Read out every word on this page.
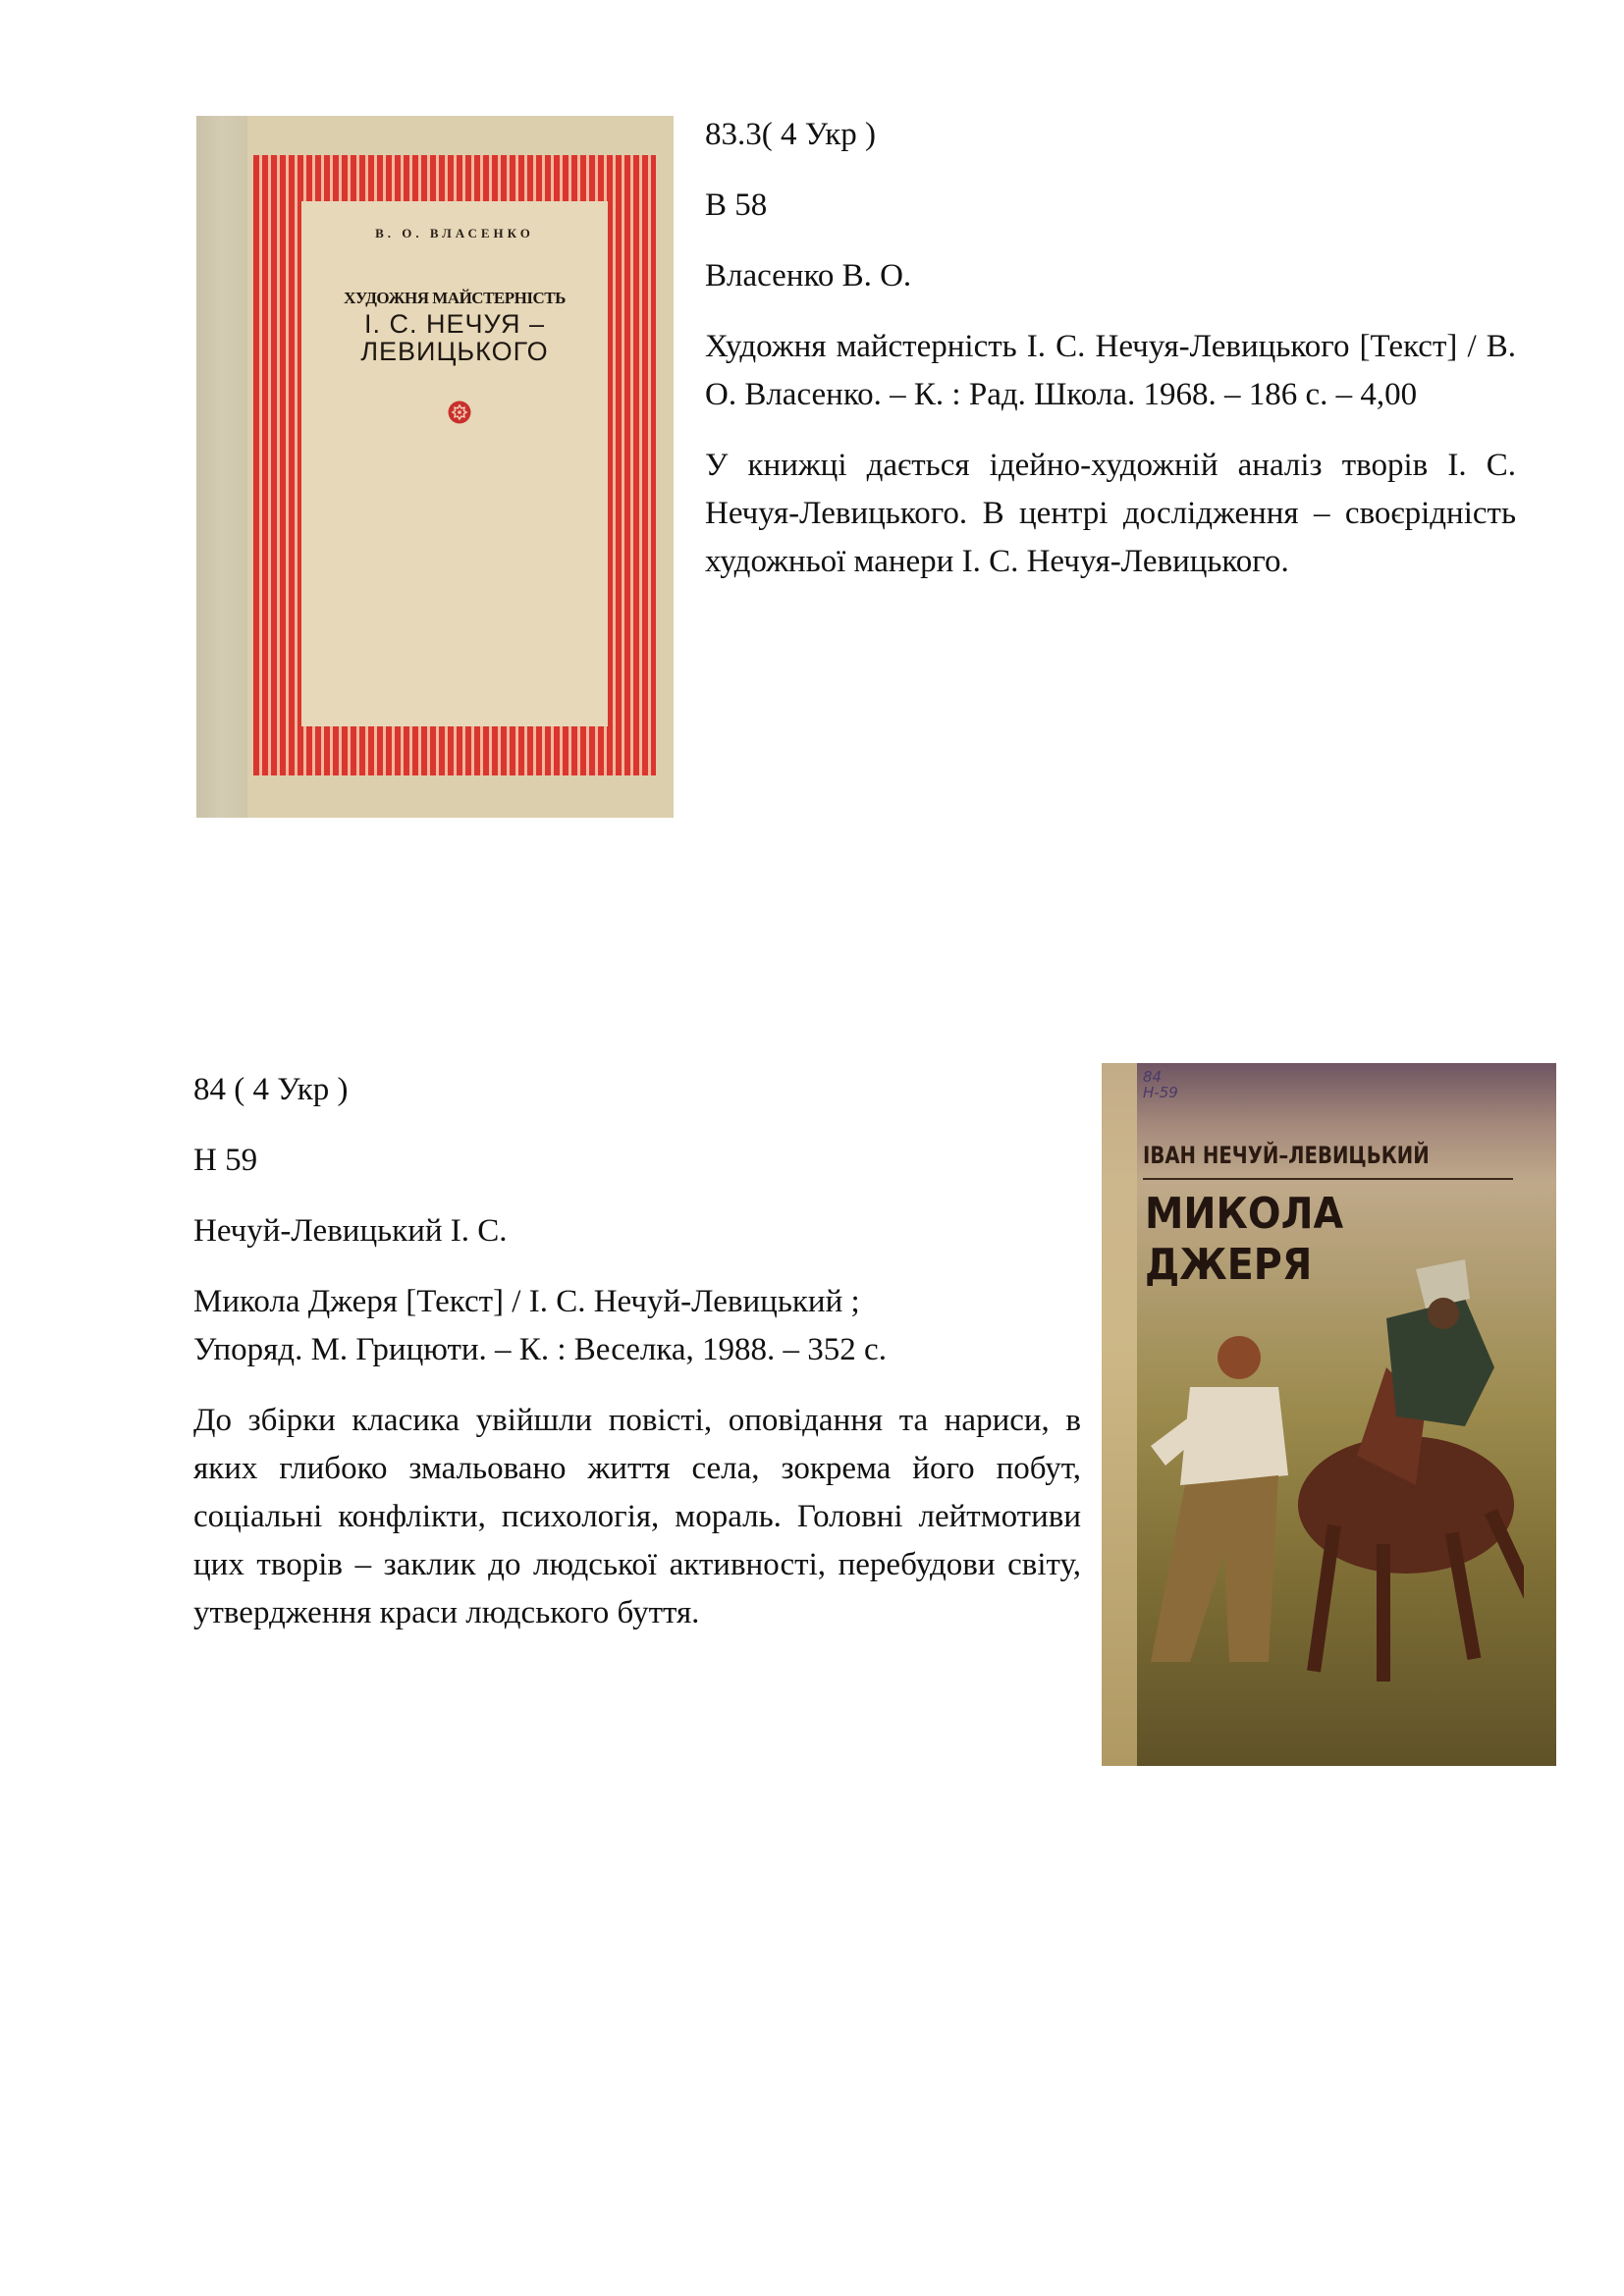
В. О. ВЛАСЕНКО
ХУДОЖНЯ МАЙСТЕРНІСТЬ
І. С. НЕЧУЯ –
ЛЕВИЦЬКОГО

83.3( 4 Укр )

В 58

Власенко В. О.

Художня майстерність І. С. Нечуя-Левицького [Текст] / В. О. Власенко. – К. : Рад. Школа. 1968. – 186 с. – 4,00

У книжці дається ідейно-художній аналіз творів І. С. Нечуя-Левицького. В центрі дослідження – своєрідність художньої манери І. С. Нечуя-Левицького.

84 ( 4 Укр )

Н 59

Нечуй-Левицький І. С.

Микола Джеря [Текст] / І. С. Нечуй-Левицький ;

Упоряд. М. Грицюти. – К. : Веселка, 1988. – 352 с.

До збірки класика увійшли повісті, оповідання та нариси, в яких глибоко змальовано життя села, зокрема його побут, соціальні конфлікти, психологія, мораль. Головні лейтмотиви цих творів – заклик до людської активності, перебудови світу, утвердження краси людського буття.

84
Н-59
ІВАН НЕЧУЙ–ЛЕВИЦЬКИЙ
МИКОЛА
ДЖЕРЯ
